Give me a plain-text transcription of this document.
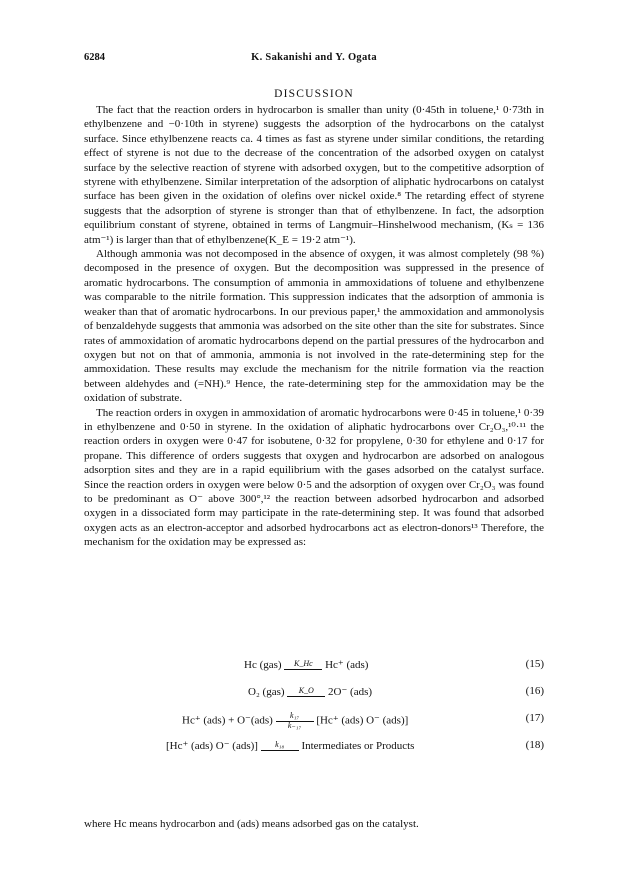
6284	K. Sakanishi and Y. Ogata
DISCUSSION

The fact that the reaction orders in hydrocarbon is smaller than unity (0·45th in toluene,¹ 0·73th in ethylbenzene and −0·10th in styrene) suggests the adsorption of the hydrocarbons on the catalyst surface. Since ethylbenzene reacts ca. 4 times as fast as styrene under similar conditions, the retarding effect of styrene is not due to the decrease of the concentration of the adsorbed oxygen on catalyst surface by the selective reaction of styrene with adsorbed oxygen, but to the competitive adsorption of styrene with ethylbenzene. Similar interpretation of the adsorption of aliphatic hydrocarbons on catalyst surface has been given in the oxidation of olefins over nickel oxide.⁸ The retarding effect of styrene suggests that the adsorption of styrene is stronger than that of ethylbenzene. In fact, the adsorption equilibrium constant of styrene, obtained in terms of Langmuir–Hinshelwood mechanism, (Kₛ = 136 atm⁻¹) is larger than that of ethylbenzene(K_E = 19·2 atm⁻¹).

Although ammonia was not decomposed in the absence of oxygen, it was almost completely (98 %) decomposed in the presence of oxygen. But the decomposition was suppressed in the presence of aromatic hydrocarbons. The consumption of ammonia in ammoxidations of toluene and ethylbenzene was comparable to the nitrile formation. This suppression indicates that the adsorption of ammonia is weaker than that of aromatic hydrocarbons. In our previous paper,¹ the ammoxidation and ammonolysis of benzaldehyde suggests that ammonia was adsorbed on the site other than the site for substrates. Since rates of ammoxidation of aromatic hydrocarbons depend on the partial pressures of the hydrocarbon and oxygen but not on that of ammonia, ammonia is not involved in the rate-determining step for the ammoxidation. These results may exclude the mechanism for the nitrile formation via the reaction between aldehydes and (=NH).⁹ Hence, the rate-determining step for the ammoxidation may be the oxidation of substrate.

The reaction orders in oxygen in ammoxidation of aromatic hydrocarbons were 0·45 in toluene,¹ 0·39 in ethylbenzene and 0·50 in styrene. In the oxidation of aliphatic hydrocarbons over Cr₂O₃,¹⁰·¹¹ the reaction orders in oxygen were 0·47 for isobutene, 0·32 for propylene, 0·30 for ethylene and 0·17 for propane. This difference of orders suggests that oxygen and hydrocarbon are adsorbed on analogous adsorption sites and they are in a rapid equilibrium with the gases adsorbed on the catalyst surface. Since the reaction orders in oxygen were below 0·5 and the adsorption of oxygen over Cr₂O₃ was found to be predominant as O⁻ above 300°,¹² the reaction between adsorbed hydrocarbon and adsorbed oxygen in a dissociated form may participate in the rate-determining step. It was found that adsorbed oxygen acts as an electron-acceptor and adsorbed hydrocarbons act as electron-donors¹³ Therefore, the mechanism for the oxidation may be expressed as:

Hc (gas)	K_Hc	Hc⁺ (ads)	(15)
O₂ (gas)	K_O	2O⁻ (ads)	(16)
Hc⁺ $(ads) + O^-(ads) \frac{\text{k₁₇}}{\text{k₋₁₇}} [Hc^+$ (ads) O⁻ (ads)]	(17)
[Hc⁺ (ads) O⁻ (ads)]	k₁₈	Intermediates or Products	(18)
where Hc means hydrocarbon and (ads) means adsorbed gas on the catalyst.
